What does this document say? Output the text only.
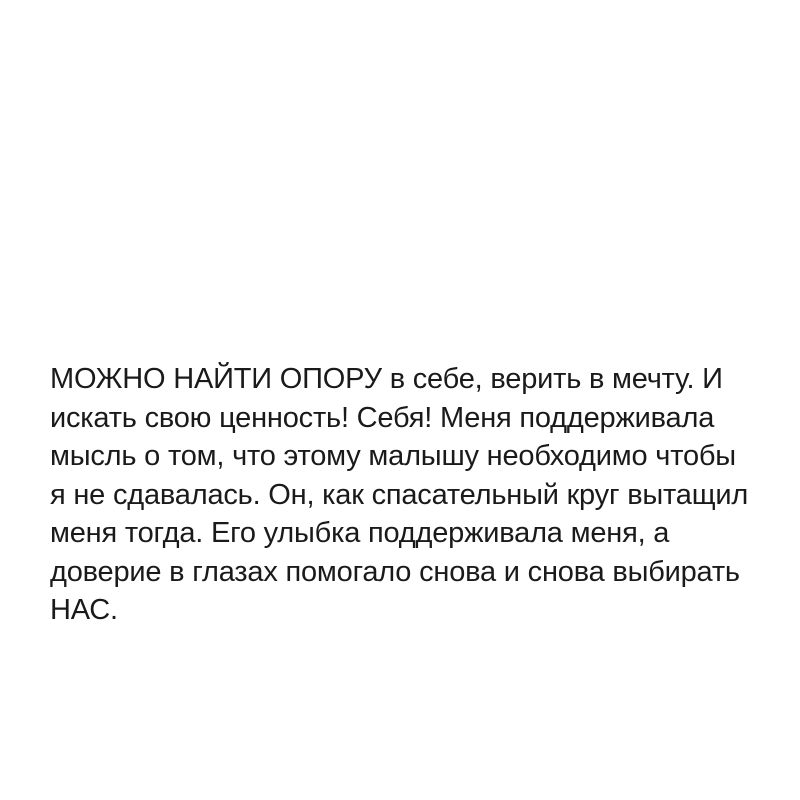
МОЖНО НАЙТИ ОПОРУ в себе, верить в мечту. И
искать свою ценность! Себя! Меня поддерживала
мысль о том, что этому малышу необходимо чтобы
я не сдавалась. Он, как спасательный круг вытащил
меня тогда. Его улыбка поддерживала меня, а
доверие в глазах помогало снова и снова выбирать
НАС.
